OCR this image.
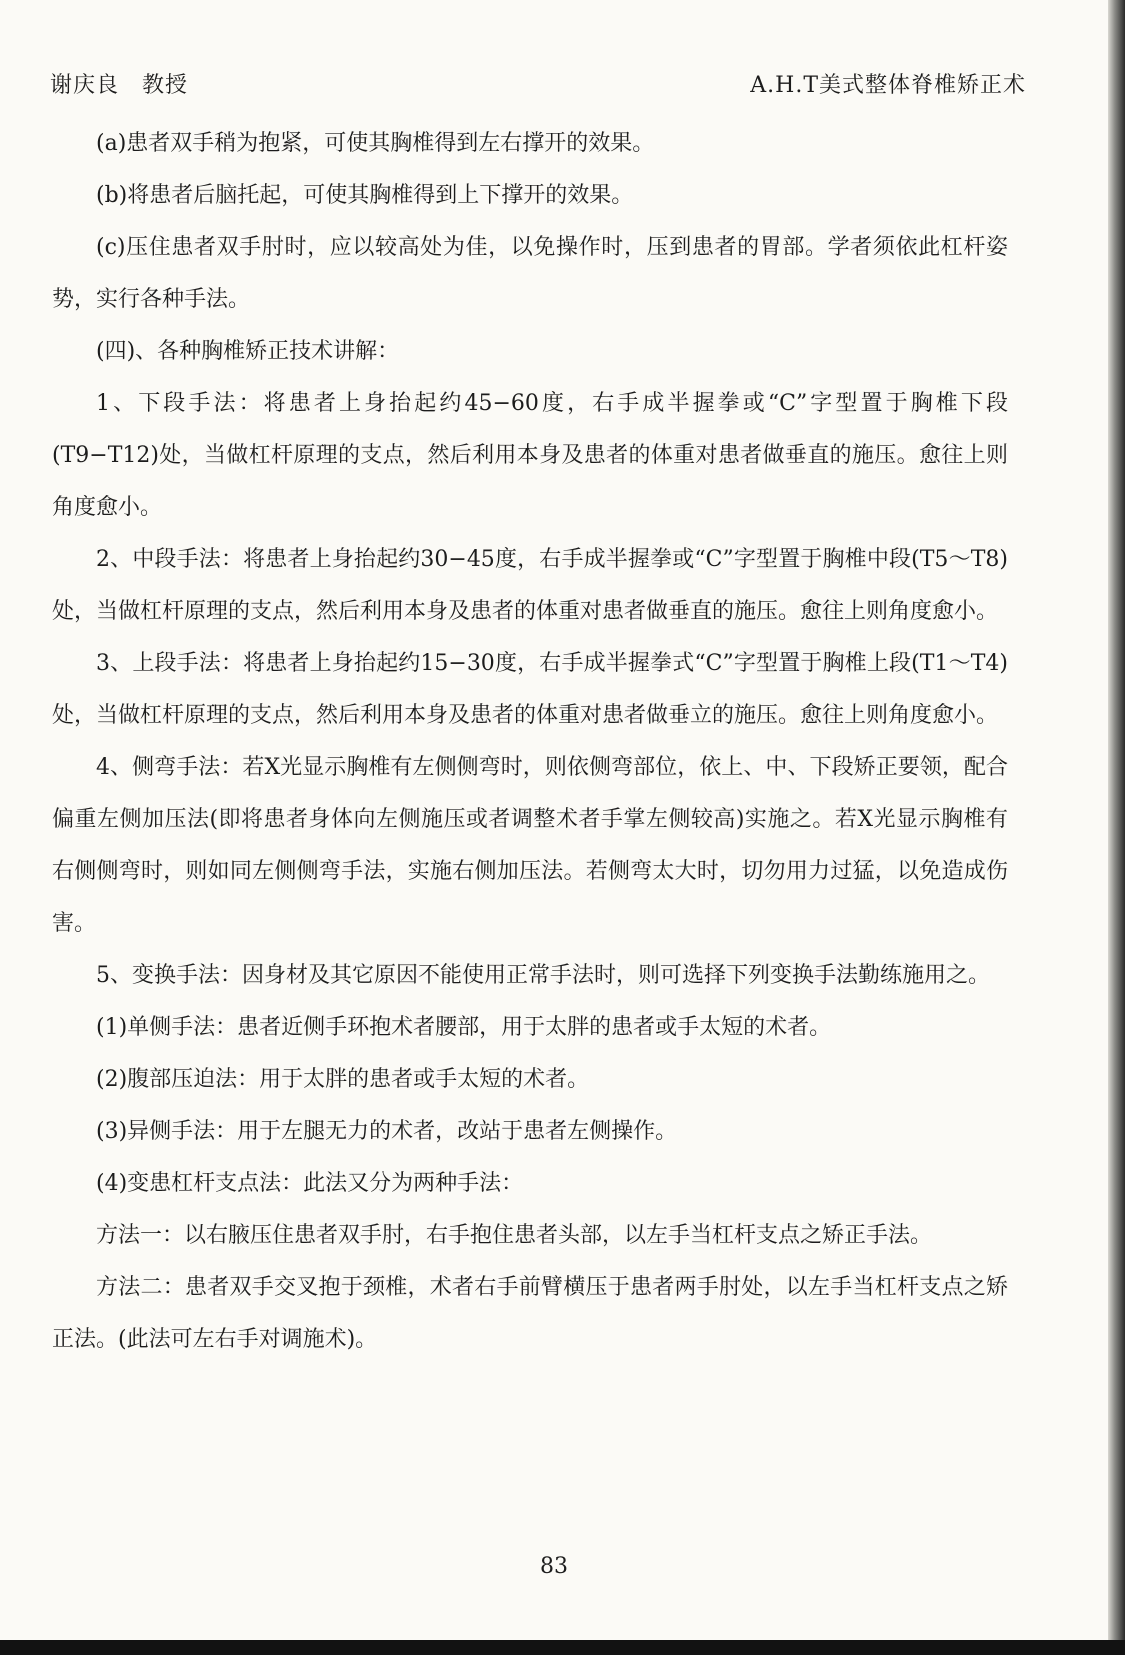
谢庆良　教授	A.H.T美式整体脊椎矫正术

(a)患者双手稍为抱紧，可使其胸椎得到左右撑开的效果。

(b)将患者后脑托起，可使其胸椎得到上下撑开的效果。

(c)压住患者双手肘时，应以较高处为佳，以免操作时，压到患者的胃部。学者须依此杠杆姿势，实行各种手法。

(四)、各种胸椎矫正技术讲解：

1、下段手法：将患者上身抬起约45−60度，右手成半握拳或“C”字型置于胸椎下段(T9−T12)处，当做杠杆原理的支点，然后利用本身及患者的体重对患者做垂直的施压。愈往上则角度愈小。

2、中段手法：将患者上身抬起约30−45度，右手成半握拳或“C”字型置于胸椎中段(T5～T8)处，当做杠杆原理的支点，然后利用本身及患者的体重对患者做垂直的施压。愈往上则角度愈小。

3、上段手法：将患者上身抬起约15−30度，右手成半握拳式“C”字型置于胸椎上段(T1～T4)处，当做杠杆原理的支点，然后利用本身及患者的体重对患者做垂立的施压。愈往上则角度愈小。

4、侧弯手法：若X光显示胸椎有左侧侧弯时，则依侧弯部位，依上、中、下段矫正要领，配合偏重左侧加压法(即将患者身体向左侧施压或者调整术者手掌左侧较高)实施之。若X光显示胸椎有右侧侧弯时，则如同左侧侧弯手法，实施右侧加压法。若侧弯太大时，切勿用力过猛，以免造成伤害。

5、变换手法：因身材及其它原因不能使用正常手法时，则可选择下列变换手法勤练施用之。

(1)单侧手法：患者近侧手环抱术者腰部，用于太胖的患者或手太短的术者。

(2)腹部压迫法：用于太胖的患者或手太短的术者。

(3)异侧手法：用于左腿无力的术者，改站于患者左侧操作。

(4)变患杠杆支点法：此法又分为两种手法：

方法一：以右腋压住患者双手肘，右手抱住患者头部，以左手当杠杆支点之矫正手法。

方法二：患者双手交叉抱于颈椎，术者右手前臂横压于患者两手肘处，以左手当杠杆支点之矫正法。(此法可左右手对调施术)。

83
